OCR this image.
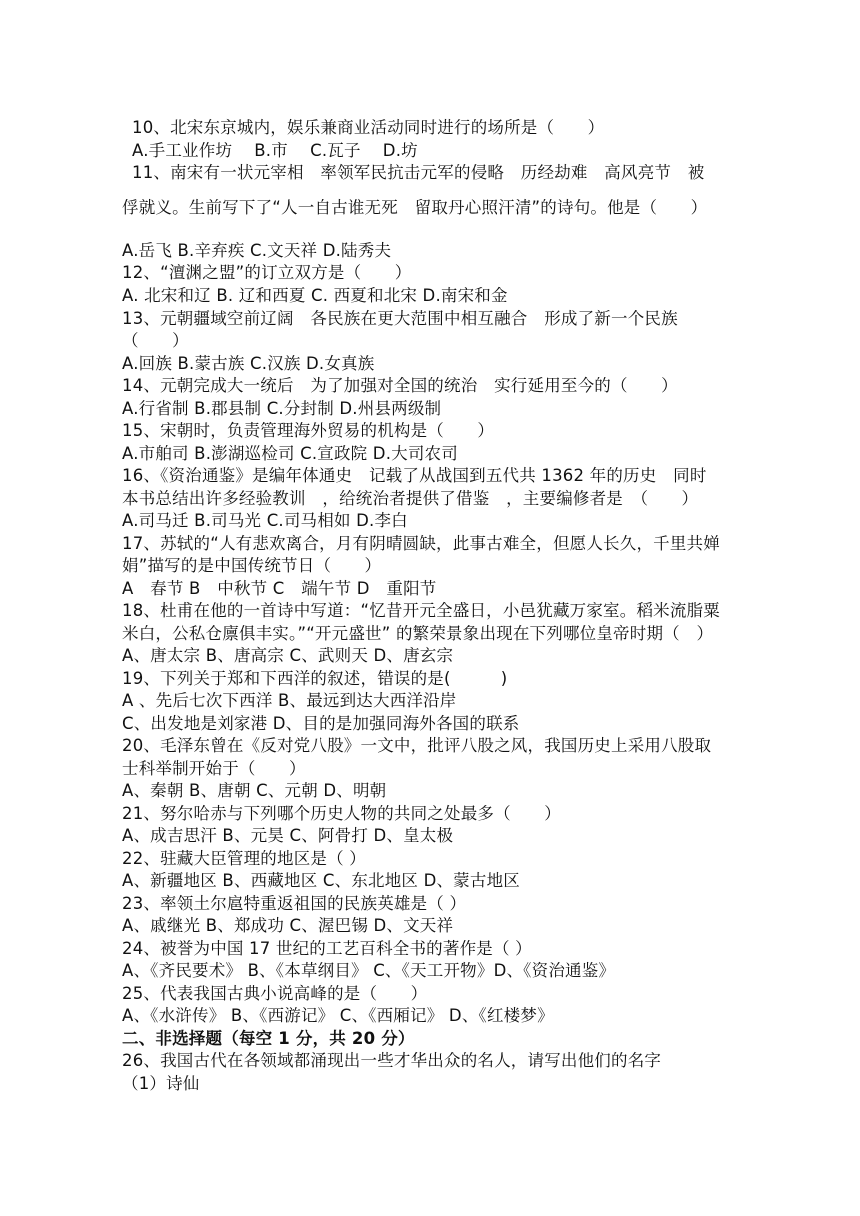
10、北宋东京城内，娱乐兼商业活动同时进行的场所是（　　）
A.手工业作坊　 B.市　 C.瓦子　 D.坊
11、南宋有一状元宰相　率领军民抗击元军的侵略　历经劫难　高风亮节　被
俘就义。生前写下了“人一自古谁无死　留取丹心照汗清”的诗句。他是（　　）
A.岳飞 B.辛弃疾 C.文天祥 D.陆秀夫
12、“澶渊之盟”的订立双方是（　　）
A. 北宋和辽 B. 辽和西夏 C. 西夏和北宋 D.南宋和金
13、元朝疆域空前辽阔　各民族在更大范围中相互融合　形成了新一个民族
（　　）
A.回族 B.蒙古族 C.汉族 D.女真族
14、元朝完成大一统后　为了加强对全国的统治　实行延用至今的（　　）
A.行省制 B.郡县制 C.分封制 D.州县两级制
15、宋朝时，负责管理海外贸易的机构是（　　）
A.市舶司 B.澎湖巡检司 C.宣政院 D.大司农司
16、《资治通鉴》是编年体通史　记载了从战国到五代共 1362 年的历史　同时
本书总结出许多经验教训　，给统治者提供了借鉴　，主要编修者是　（　　）
A.司马迁 B.司马光 C.司马相如 D.李白
17、苏轼的“人有悲欢离合，月有阴晴圆缺，此事古难全，但愿人长久，千里共婵
娟”描写的是中国传统节日（　　）
A　春节 B　中秋节 C　端午节 D　重阳节
18、杜甫在他的一首诗中写道：“忆昔开元全盛日，小邑犹藏万家室。稻米流脂粟
米白，公私仓廪俱丰实。”“开元盛世” 的繁荣景象出现在下列哪位皇帝时期（　）
A、唐太宗 B、唐高宗 C、武则天 D、唐玄宗
19、下列关于郑和下西洋的叙述，错误的是(　　　)
A 、先后七次下西洋 B、最远到达大西洋沿岸
C、出发地是刘家港 D、目的是加强同海外各国的联系
20、毛泽东曾在《反对党八股》一文中，批评八股之风，我国历史上采用八股取
士科举制开始于（　　）
A、秦朝 B、唐朝 C、元朝 D、明朝
21、努尔哈赤与下列哪个历史人物的共同之处最多（　　）
A、成吉思汗 B、元昊 C、阿骨打 D、皇太极
22、驻藏大臣管理的地区是（ ）
A、新疆地区 B、西藏地区 C、东北地区 D、蒙古地区
23、率领土尔扈特重返祖国的民族英雄是（ ）
A、戚继光 B、郑成功 C、渥巴锡 D、文天祥
24、被誉为中国 17 世纪的工艺百科全书的著作是（ ）
A、《齐民要术》 B、《本草纲目》 C、《天工开物》D、《资治通鉴》
25、代表我国古典小说高峰的是（　　）
A、《水浒传》 B、《西游记》 C、《西厢记》 D、《红楼梦》
二、非选择题（每空 1 分，共 20 分）
26、我国古代在各领域都涌现出一些才华出众的名人，请写出他们的名字
（1）诗仙
